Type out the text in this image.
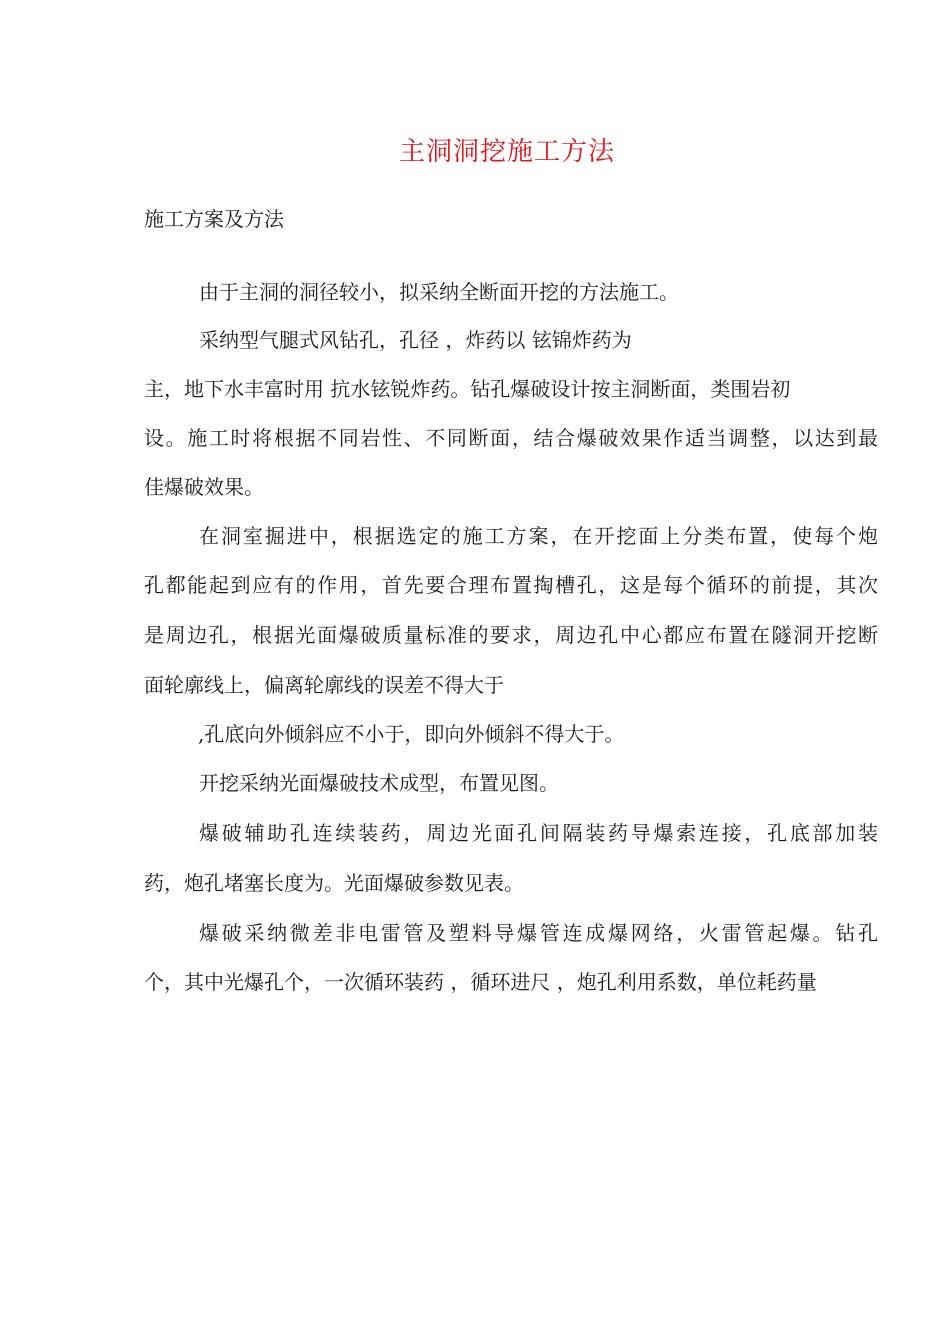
主洞洞挖施工方法
施工方案及方法
由于主洞的洞径较小，拟采纳全断面开挖的方法施工。
采纳型气腿式风钻孔，孔径 ，炸药以 铉锦炸药为
主，地下水丰富时用 抗水铉锐炸药。钻孔爆破设计按主洞断面，类围岩初
设。施工时将根据不同岩性、不同断面，结合爆破效果作适当调整，以达到最
佳爆破效果。
在洞室掘进中，根据选定的施工方案，在开挖面上分类布置，使每个炮
孔都能起到应有的作用，首先要合理布置掏槽孔，这是每个循环的前提，其次
是周边孔，根据光面爆破质量标准的要求，周边孔中心都应布置在隧洞开挖断
面轮廓线上，偏离轮廓线的误差不得大于
,孔底向外倾斜应不小于，即向外倾斜不得大于。
开挖采纳光面爆破技术成型，布置见图。
爆破辅助孔连续装药，周边光面孔间隔装药导爆索连接，孔底部加装
药，炮孔堵塞长度为。光面爆破参数见表。
爆破采纳微差非电雷管及塑料导爆管连成爆网络，火雷管起爆。钻孔
个，其中光爆孔个，一次循环装药 ，循环进尺 ，炮孔利用系数，单位耗药量
